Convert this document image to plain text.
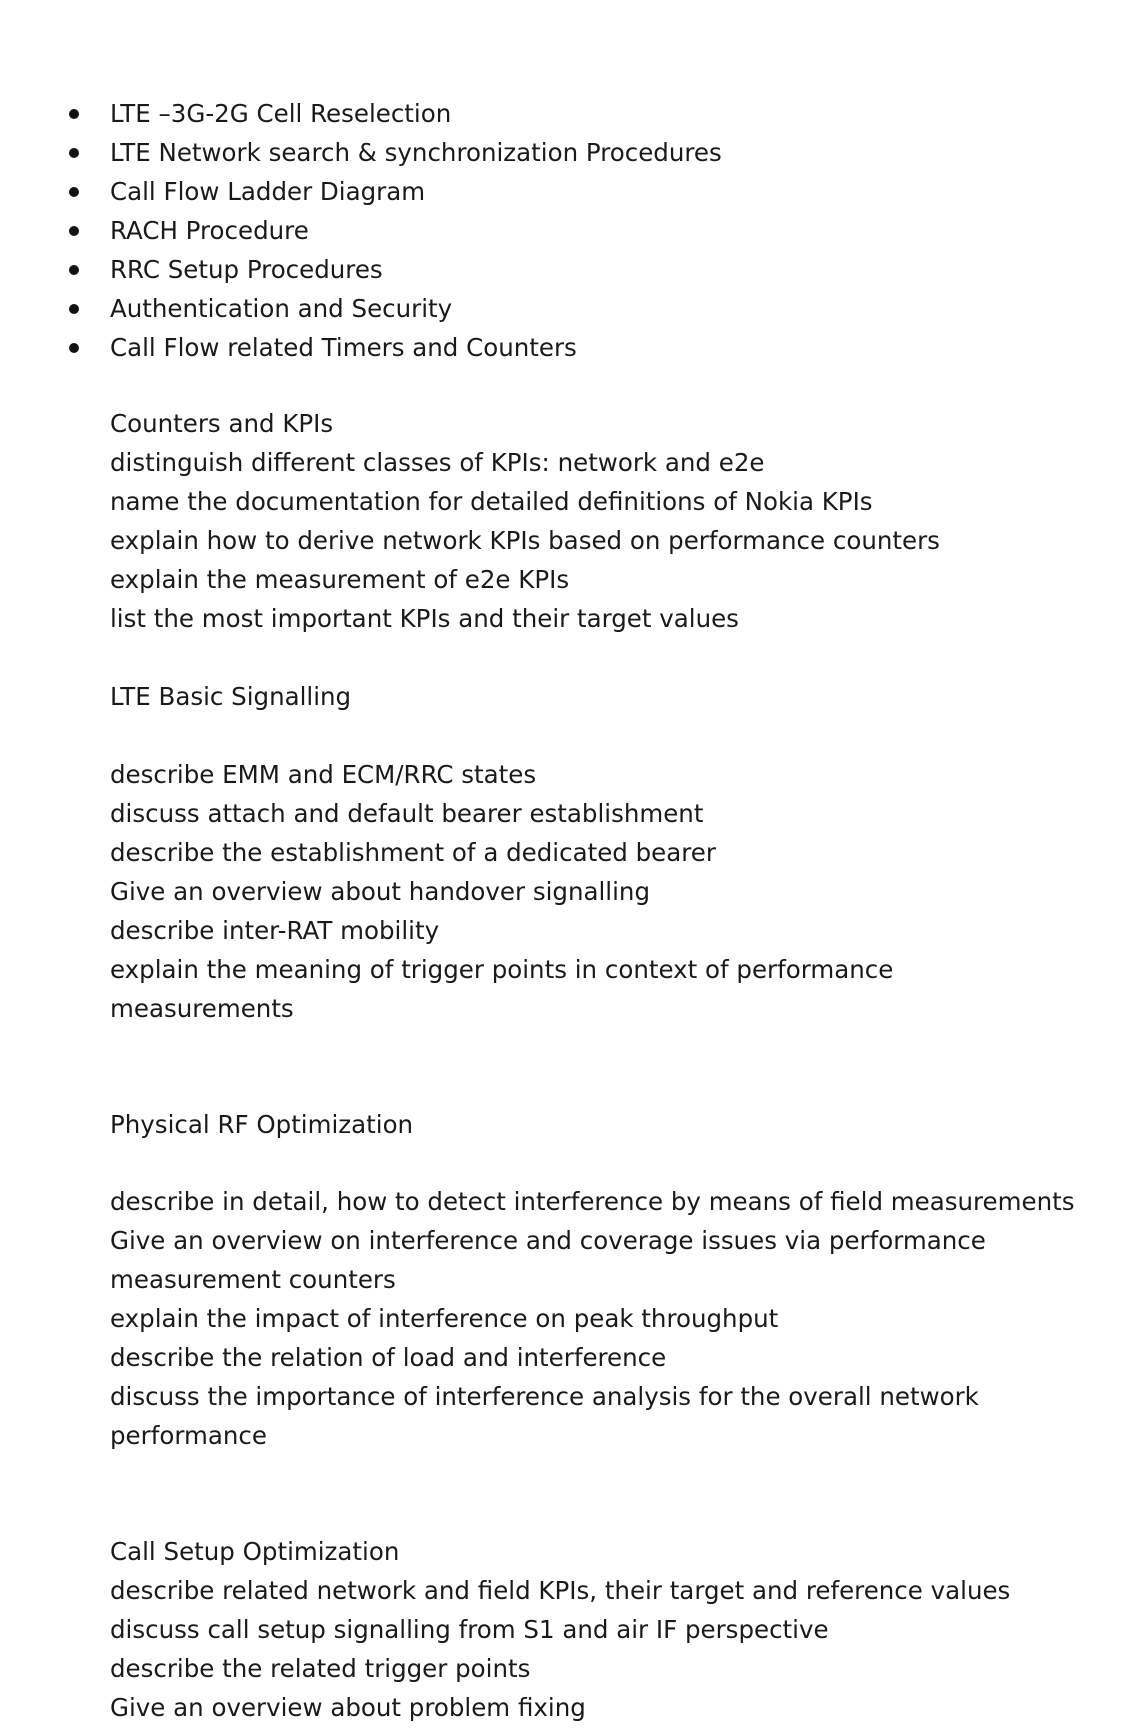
LTE –3G-2G Cell Reselection
LTE Network search & synchronization Procedures
Call Flow Ladder Diagram
RACH Procedure
RRC Setup Procedures
Authentication and Security
Call Flow related Timers and Counters
Counters and KPIs
distinguish different classes of KPIs: network and e2e
name the documentation for detailed definitions of Nokia KPIs
explain how to derive network KPIs based on performance counters
explain the measurement of e2e KPIs
list the most important KPIs and their target values
LTE Basic Signalling
describe EMM and ECM/RRC states
discuss attach and default bearer establishment
describe the establishment of a dedicated bearer
Give an overview about handover signalling
describe inter-RAT mobility
explain the meaning of trigger points in context of performance
measurements
Physical RF Optimization
describe in detail, how to detect interference by means of field measurements
Give an overview on interference and coverage issues via performance
measurement counters
explain the impact of interference on peak throughput
describe the relation of load and interference
discuss the importance of interference analysis for the overall network
performance
Call Setup Optimization
describe related network and field KPIs, their target and reference values
discuss call setup signalling from S1 and air IF perspective
describe the related trigger points
Give an overview about problem fixing
